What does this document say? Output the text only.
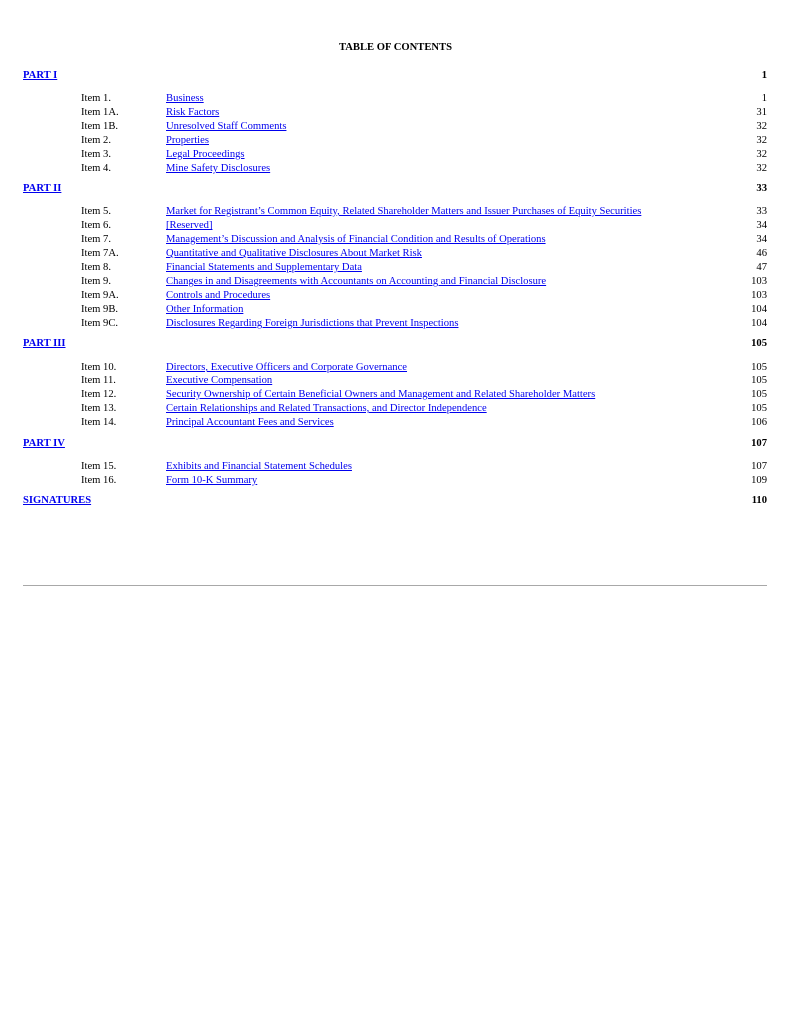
TABLE OF CONTENTS
PART I	1
Item 1.	Business	1
Item 1A.	Risk Factors	31
Item 1B.	Unresolved Staff Comments	32
Item 2.	Properties	32
Item 3.	Legal Proceedings	32
Item 4.	Mine Safety Disclosures	32
PART II	33
Item 5.	Market for Registrant’s Common Equity, Related Shareholder Matters and Issuer Purchases of Equity Securities	33
Item 6.	[Reserved]	34
Item 7.	Management’s Discussion and Analysis of Financial Condition and Results of Operations	34
Item 7A.	Quantitative and Qualitative Disclosures About Market Risk	46
Item 8.	Financial Statements and Supplementary Data	47
Item 9.	Changes in and Disagreements with Accountants on Accounting and Financial Disclosure	103
Item 9A.	Controls and Procedures	103
Item 9B.	Other Information	104
Item 9C.	Disclosures Regarding Foreign Jurisdictions that Prevent Inspections	104
PART III	105
Item 10.	Directors, Executive Officers and Corporate Governance	105
Item 11.	Executive Compensation	105
Item 12.	Security Ownership of Certain Beneficial Owners and Management and Related Shareholder Matters	105
Item 13.	Certain Relationships and Related Transactions, and Director Independence	105
Item 14.	Principal Accountant Fees and Services	106
PART IV	107
Item 15.	Exhibits and Financial Statement Schedules	107
Item 16.	Form 10-K Summary	109
SIGNATURES	110
